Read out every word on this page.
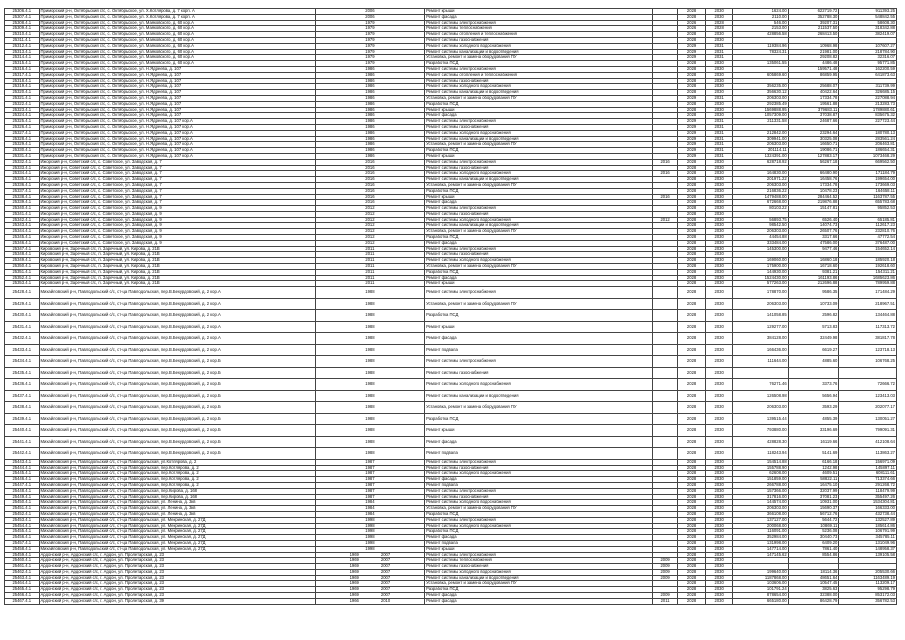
25306.4.1	Приморский р-н, Октябрьский с/с, с. Октябрьское, ул. Х.Котлярова, д. 7 корп. А	2006	Ремонт крыши		2028	2030	1624.00	622719.72	911393.25
25307.4.1	Приморский р-н, Октябрьский с/с, с. Октябрьское, ул. Х.Котлярова, д. 7 корп. А	2006	Ремонт фасада		2028	2030	2110.00	352788.30	548842.55
25308.4.1	Приморский р-н, Октябрьский с/с, с. Октябрьское, ул. Маяковского, д. 60 кор.А	1979	Ремонт системы электроснабжения		2026	2028	546.00	39207.31	58608.30
25309.4.1	Приморский р-н, Октябрьский с/с, с. Октябрьское, ул. Маяковского, д. 60 кор.А	1979	Ремонт системы теплоснабжения		2026	2028	2153.00	211537.50	318342.88
25310.4.1	Приморский р-н, Октябрьский с/с, с. Октябрьское, ул. Маяковского, д. 60 кор.А	1979	Ремонт системы отопления и теплоснабжения		2028	2030	428856.58	268413.50	382419.07
25311.4.1	Приморский р-н, Октябрьский с/с, с. Октябрьское, ул. Маяковского, д. 60 кор.А	1979	Ремонт системы газоснабжения		2028	2030			
25312.4.1	Приморский р-н, Октябрьский с/с, с. Октябрьское, ул. Маяковского, д. 60 кор.А	1979	Ремонт системы холодного водоснабжения		2029	2031	119384.96	10968.98	107607.27
25313.4.1	Приморский р-н, Октябрьский с/с, с. Октябрьское, ул. Маяковского, д. 60 кор.А	1979	Ремонт системы канализации и водоотведения		2029	2031	78324.31	21981.00	218784.90
25314.4.1	Приморский р-н, Октябрьский с/с, с. Октябрьское, ул. Маяковского, д. 60 кор.А	1979	Установка, ремонт и замена оборудования ПУ		2029	2031		29208.82	32316.07
25315.4.1	Приморский р-н, Октябрьский с/с, с. Октябрьское, ул. Маяковского, д. 60 кор.А	1979	Разработка ПСД		2028	2030	135061.55	4486.48	95771.85
25316.4.1	Приморский р-н, Октябрьский с/с, с. Октябрьское, ул. Н.Ядреева, д. 107	1986	Ремонт системы электроснабжения		2028	2030		159571.48	162200.59
25317.4.1	Приморский р-н, Октябрьский с/с, с. Октябрьское, ул. Н.Ядреева, д. 107	1986	Ремонт системы отопления и теплоснабжения		2028	2030	605869.60	86859.95	641873.63
25318.4.1	Приморский р-н, Октябрьский с/с, с. Октябрьское, ул. Н.Ядреева, д. 107	1986	Ремонт системы газоснабжения		2028	2030			
25319.4.1	Приморский р-н, Октябрьский с/с, с. Октябрьское, ул. Н.Ядреева, д. 107	1986	Ремонт системы холодного водоснабжения		2028	2030	356235.00	25688.07	311739.99
25320.4.1	Приморский р-н, Октябрьский с/с, с. Октябрьское, ул. Н.Ядреева, д. 107	1986	Ремонт системы канализации и водоотведения		2028	2030	356630.12	40422.64	326685.15
25321.4.1	Приморский р-н, Октябрьский с/с, с. Октябрьское, ул. Н.Ядреева, д. 107	1986	Установка, ремонт и замена оборудования ПУ		2029	2031	206303.00	17334.78	227088.94
25322.4.1	Приморский р-н, Октябрьский с/с, с. Октябрьское, ул. Н.Ядреева, д. 107	1986	Разработка ПСД		2028	2030	292385.49	19561.88	213283.73
25323.4.1	Приморский р-н, Октябрьский с/с, с. Октябрьское, ул. Н.Ядреева, д. 107	1986	Ремонт крыши		2028	2030	1569888.95	379683.11	1789880.61
25324.4.1	Приморский р-н, Октябрьский с/с, с. Октябрьское, ул. Н.Ядреева, д. 107	1986	Ремонт фасада		2028	2030	1057309.00	37038.87	835675.32
25325.4.1	Приморский р-н, Октябрьский с/с, с. Октябрьское, ул. Н.Ядреева, д. 107 кор.А	1986	Ремонт системы электроснабжения		2029	2031	211331.58	24687.66	227723.44
25326.4.1	Приморский р-н, Октябрьский с/с, с. Октябрьское, ул. Н.Ядреева, д. 107 кор.А	1986	Ремонт системы газоснабжения		2029	2031			
25327.4.1	Приморский р-н, Октябрьский с/с, с. Октябрьское, ул. Н.Ядреева, д. 107 кор.А	1986	Ремонт системы холодного водоснабжения		2029	2031	212842.00	23294.64	180780.13
25328.4.1	Приморский р-н, Октябрьский с/с, с. Октябрьское, ул. Н.Ядреева, д. 107 кор.А	1986	Ремонт системы канализации и водоотведения		2029	2031	309941.00	30325.08	283561.24
25329.4.1	Приморский р-н, Октябрьский с/с, с. Октябрьское, ул. Н.Ядреева, д. 107 кор.А	1986	Установка, ремонт и замена оборудования ПУ		2029	2031	206303.00	16650.71	206463.81
25330.4.1	Приморский р-н, Октябрьский с/с, с. Октябрьское, ул. Н.Ядреева, д. 107 кор.А	1986	Разработка ПСД		2029	2031	201114.11	19086.71	186654.31
25331.4.1	Приморский р-н, Октябрьский с/с, с. Октябрьское, ул. Н.Ядреева, д. 107 кор.А	1986	Ремонт крыши		2029	2031	1324391.00	127883.17	1073468.29
25332.4.1	Ижорский р-н, Советский с/с, с. Советское, ул. Заводская, д. 7	2016	Ремонт системы электроснабжения	2016	2028	2030	628718.92	56267.18	669562.50
25333.4.1	Ижорский р-н, Советский с/с, с. Советское, ул. Заводская, д. 7	2016	Ремонт системы газоснабжения		2028	2030			
25334.4.1	Ижорский р-н, Советский с/с, с. Советское, ул. Заводская, д. 7	2016	Ремонт системы холодного водоснабжения	2016	2028	2030	164830.00	66480.90	171184.79
25335.4.1	Ижорский р-н, Советский с/с, с. Советское, ул. Заводская, д. 7	2016	Ремонт системы канализации и водоотведения		2028	2030	201971.22	16458.76	199654.00
25336.4.1	Ижорский р-н, Советский с/с, с. Советское, ул. Заводская, д. 7	2016	Установка, ремонт и замена оборудования ПУ		2028	2030	206303.00	17334.78	173669.03
25337.4.1	Ижорский р-н, Советский с/с, с. Советское, ул. Заводская, д. 7	2016	Разработка ПСД		2028	2030	216836.22	10478.23	164658.11
25338.4.1	Ижорский р-н, Советский с/с, с. Советское, ул. Заводская, д. 7	2016	Ремонт крыши	2016	2028	2030	1479488.00	284464.52	1163787.55
25339.4.1	Ижорский р-н, Советский с/с, с. Советское, ул. Заводская, д. 7	2016	Ремонт фасада		2028	2030	672668.00	219876.88	655783.68
25340.4.1	Ижорский р-н, Советский с/с, с. Советское, ул. Заводская, д. 9	2012	Ремонт системы электроснабжения		2028	2030	80103.22	15147.81	95852.53
25341.4.1	Ижорский р-н, Советский с/с, с. Советское, ул. Заводская, д. 9	2012	Ремонт системы газоснабжения		2028	2030			
25342.4.1	Ижорский р-н, Советский с/с, с. Советское, ул. Заводская, д. 9	2012	Ремонт системы холодного водоснабжения	2012	2028	2030	56893.75	6526.40	65185.81
25343.4.1	Ижорский р-н, Советский с/с, с. Советское, ул. Заводская, д. 9	2012	Ремонт системы канализации и водоотведения		2028	2030	98542.50	14074.73	112617.23
25344.4.1	Ижорский р-н, Советский с/с, с. Советское, ул. Заводская, д. 9	2012	Установка, ремонт и замена оборудования ПУ		2028	2030	206303.00	26507.76	232810.76
25345.4.1	Ижорский р-н, Советский с/с, с. Советское, ул. Заводская, д. 9	2012	Разработка ПСД		2028	2030	44454.88	3317.66	47772.54
25346.4.1	Ижорский р-н, Советский с/с, с. Советское, ул. Заводская, д. 9	2012	Ремонт фасада		2028	2030	333484.00	47586.00	376487.00
25347.4.1	Кировский р-н, Заречный с/с, п. Заречный, ул. Кирова, д. 21В	2011	Ремонт системы электроснабжения		2028	2030	145300.00	9477.46	154652.14
25348.4.1	Кировский р-н, Заречный с/с, п. Заречный, ул. Кирова, д. 21В	2011	Ремонт системы газоснабжения		2028	2030			
25349.4.1	Кировский р-н, Заречный с/с, п. Заречный, ул. Кирова, д. 21В	2011	Ремонт системы холодного водоснабжения		2028	2030	169060.00	16860.18	185920.18
25350.4.1	Кировский р-н, Заречный с/с, п. Заречный, ул. Кирова, д. 21В	2011	Установка, ремонт и замена оборудования ПУ		2028	2030	175900.00	16718.60	192618.60
25351.4.1	Кировский р-н, Заречный с/с, п. Заречный, ул. Кирова, д. 21В	2011	Разработка ПСД		2028	2030	144930.00	9381.21	154311.21
25352.4.1	Кировский р-н, Заречный с/с, п. Заречный, ул. Кирова, д. 21В	2011	Ремонт фасада		2028	2030	1524430.00	161193.86	1685623.86
25353.4.1	Кировский р-н, Заречный с/с, п. Заречный, ул. Кирова, д. 21В	2011	Ремонт крыши		2028	2030	577263.00	212696.88	789959.88
25428.4.1	Михайловский р-н, Павлодольский с/с, ст-ца Павлодольская, пер.В.Бекурдовский, д. 2 кор.А	1988	Ремонт системы электроснабжения		2028	2030	178870.00	9586.35	171484.29
25429.4.1	Михайловский р-н, Павлодольский с/с, ст-ца Павлодольская, пер.В.Бекурдовский, д. 2 кор.А	1988	Установка, ремонт и замена оборудования ПУ		2028	2030	206303.00	10733.09	218967.51
25430.4.1	Михайловский р-н, Павлодольский с/с, ст-ца Павлодольская, пер.В.Бекурдовский, д. 2 кор.А	1988	Разработка ПСД		2028	2030	141058.85	2596.82	134464.88
25431.4.1	Михайловский р-н, Павлодольский с/с, ст-ца Павлодольская, пер.В.Бекурдовский, д. 2 кор.А	1988	Ремонт крыши		2028	2030	129277.00	5713.83	117313.72
25432.4.1	Михайловский р-н, Павлодольский с/с, ст-ца Павлодольская, пер.В.Бекурдовский, д. 2 кор.А	1988	Ремонт фасада		2028	2030	384128.00	32449.98	381817.78
25433.4.1	Михайловский р-н, Павлодольский с/с, ст-ца Павлодольская, пер.В.Бекурдовский, д. 2 кор.А	1988	Ремонт подвала		2028	2030	166436.00	6619.27	123718.13
25434.4.1	Михайловский р-н, Павлодольский с/с, ст-ца Павлодольская, пер.В.Бекурдовский, д. 2 кор.Б	1988	Ремонт системы электроснабжения		2028	2030	111644.00	4885.60	106768.25
25435.4.1	Михайловский р-н, Павлодольский с/с, ст-ца Павлодольская, пер.В.Бекурдовский, д. 2 кор.Б	1988	Ремонт системы газоснабжения		2028	2030			
25436.4.1	Михайловский р-н, Павлодольский с/с, ст-ца Павлодольская, пер.В.Бекурдовский, д. 2 кор.Б	1988	Ремонт системы холодного водоснабжения		2028	2030	76271.46	3373.76	72666.72
25437.4.1	Михайловский р-н, Павлодольский с/с, ст-ца Павлодольская, пер.В.Бекурдовский, д. 2 кор.Б	1988	Ремонт системы канализации и водоотведения		2028	2030	126508.98	5656.94	123413.03
25438.4.1	Михайловский р-н, Павлодольский с/с, ст-ца Павлодольская, пер.В.Бекурдовский, д. 2 кор.Б	1988	Установка, ремонт и замена оборудования ПУ		2028	2030	206303.00	3593.29	202077.17
25439.4.1	Михайловский р-н, Павлодольский с/с, ст-ца Павлодольская, пер.В.Бекурдовский, д. 2 кор.Б	1988	Разработка ПСД		2028	2030	139515.44	4855.39	130051.27
25440.4.1	Михайловский р-н, Павлодольский с/с, ст-ца Павлодольская, пер.В.Бекурдовский, д. 2 кор.Б	1988	Ремонт крыши		2028	2030	793880.00	33196.69	799091.31
25441.4.1	Михайловский р-н, Павлодольский с/с, ст-ца Павлодольская, пер.В.Бекурдовский, д. 2 кор.Б	1988	Ремонт фасада		2028	2030	428828.30	16119.66	412108.64
25442.4.1	Михайловский р-н, Павлодольский с/с, ст-ца Павлодольская, пер.В.Бекурдовский, д. 2 кор.Б	1988	Ремонт подвала		2028	2030	118243.94	5141.69	113863.27
25443.4.1	Михайловский р-н, Павлодольский с/с, ст-ца Павлодольская, ул.Котлярова, д. 2	1987	Ремонт системы электроснабжения		2028	2030	154514.88	6166.18	156971.09
25444.4.1	Михайловский р-н, Павлодольский с/с, ст-ца Павлодольская, пер.Котлярова, д. 2	1987	Ремонт системы газоснабжения		2028	2030	155788.90	1242.98	145897.11
25445.4.1	Михайловский р-н, Павлодольский с/с, ст-ца Павлодольская, пер.Котлярова, д. 2	1987	Ремонт системы холодного водоснабжения		2028	2030	62608.00	4609.51	608111.61
25446.4.1	Михайловский р-н, Павлодольский с/с, ст-ца Павлодольская, пер.Котлярова, д. 2	1987	Ремонт фасада		2028	2030	151859.00	58822.11	713374.66
25447.4.1	Михайловский р-н, Павлодольский с/с, ст-ца Павлодольская, пер.Котлярова, д. 2	1987	Ремонт подвала		2028	2030	266788.00	16475.10	291268.72
25448.4.1	Михайловский р-н, Павлодольский с/с, ст-ца Павлодольская, пер.Кирова, д. 168	1987	Ремонт системы электроснабжения		2028	2030	157366.00	32037.99	118479.99
25449.4.1	Михайловский р-н, Павлодольский с/с, ст-ца Павлодольская, пер.Кирова, д. 168	1987	Ремонт системы газоснабжения		2028	2030	317816.00	37081.23	355497.26
25450.4.1	Михайловский р-н, Павлодольский с/с, ст-ца Павлодольская, ул. Ленина, д. 3кв	1984	Ремонт системы холодного водоснабжения		2028	2030	144574.00	10931.00	1534304.81
25451.4.1	Михайловский р-н, Павлодольский с/с, ст-ца Павлодольская, ул. Ленина, д. 3кв	1984	Установка, ремонт и замена оборудования ПУ		2028	2030	206303.00	15690.37	166333.00
25452.4.1	Михайловский р-н, Павлодольский с/с, ст-ца Павлодольская, ул. Ленина, д. 3кв	1984	Разработка ПСД		2028	2030	366108.00	56712.76	432738.44
25453.4.1	Михайловский р-н, Павлодольский с/с, ст-ца Павлодольская, ул. Мекринская, д. 27Д	1998	Ремонт системы электроснабжения		2028	2030	137127.00	5644.72	132527.89
25454.4.1	Михайловский р-н, Павлодольский с/с, ст-ца Павлодольская, ул. Мекринская, д. 27Д	1998	Ремонт системы холодного водоснабжения		2028	2030	200068.00	10869.11	185614.86
25455.4.1	Михайловский р-н, Павлодольский с/с, ст-ца Павлодольская, ул. Мекринская, д. 27Д	1998	Разработка ПСД		2028	2030	116091.00	5236.08	106791.99
25456.4.1	Михайловский р-н, Павлодольский с/с, ст-ца Павлодольская, ул. Мекринская, д. 27Д	1998	Ремонт фасада		2028	2030	352984.00	30440.73	345785.11
25457.4.1	Михайловский р-н, Павлодольский с/с, ст-ца Павлодольская, ул. Мекринская, д. 27Д	1998	Ремонт подвала		2028	2030	131998.00	6409.20	131049.96
25458.4.1	Михайловский р-н, Павлодольский с/с, ст-ца Павлодольская, ул. Мекринская, д. 27Д	1998	Ремонт крыши		2028	2030	147714.00	7861.40	148958.37
25459.4.1	Ардонский р-н, Ардонский с/с, г. Ардон, ул. Пролетарская, д. 23	1969 2007	Ремонт системы электроснабжения		2028	2030	147145.62	8554.86	139105.58
25460.4.1	Ардонский р-н, Ардонский с/с, г. Ардон, ул. Пролетарская, д. 23	1969 2007	Ремонт системы теплоснабжения	2009	2028	2030			
25461.4.1	Ардонский р-н, Ардонский с/с, г. Ардон, ул. Пролетарская, д. 23	1969 2007	Ремонт системы газоснабжения	2009	2028	2030			
25462.4.1	Ардонский р-н, Ардонский с/с, г. Ардон, ул. Пролетарская, д. 23	1969 2007	Ремонт системы холодного водоснабжения	2009	2028	2030	199640.00	18114.36	205530.66
25463.4.1	Ардонский р-н, Ардонский с/с, г. Ардон, ул. Пролетарская, д. 23	1969 2007	Ремонт системы канализации и водоотведения	2009	2028	2030	1187868.00	48651.64	1163489.19
25464.4.1	Ардонский р-н, Ардонский с/с, г. Ардон, ул. Пролетарская, д. 23	1969 2007	Установка, ремонт и замена оборудования ПУ		2028	2030	103606.00	10547.45	113209.17
25465.4.1	Ардонский р-н, Ардонский с/с, г. Ардон, ул. Пролетарская, д. 23	1969 2007	Разработка ПСД		2028	2030	101791.24	3825.63	95298.79
25466.4.1	Ардонский р-н, Ардонский с/с, г. Ардон, ул. Пролетарская, д. 23	1969 2007	Ремонт фасада	2009	2028	2030	878654.00	32388.00	853172.03
25467.4.1	Ардонский р-н, Ардонский с/с, г. Ардон, ул. Пролетарская, д. 39	1966 2010	Ремонт фасада	2011	2028	2030	665180.00	86428.79	356782.53
